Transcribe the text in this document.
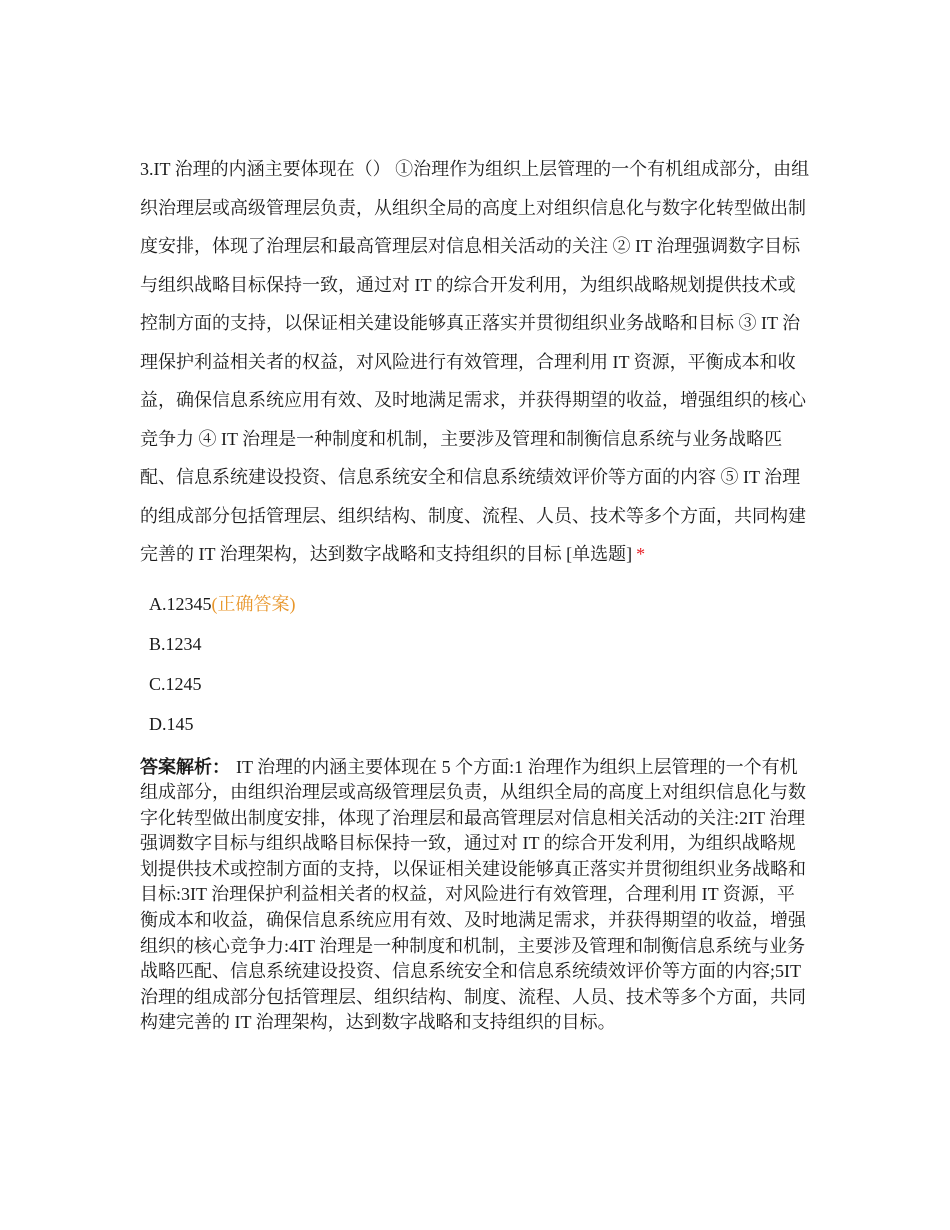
3.IT 治理的内涵主要体现在（） ①治理作为组织上层管理的一个有机组成部分，由组织治理层或高级管理层负责，从组织全局的高度上对组织信息化与数字化转型做出制度安排，体现了治理层和最高管理层对信息相关活动的关注 ② IT 治理强调数字目标与组织战略目标保持一致，通过对 IT 的综合开发利用，为组织战略规划提供技术或控制方面的支持，以保证相关建设能够真正落实并贯彻组织业务战略和目标 ③ IT 治理保护利益相关者的权益，对风险进行有效管理，合理利用 IT 资源，平衡成本和收益，确保信息系统应用有效、及时地满足需求，并获得期望的收益，增强组织的核心竞争力 ④ IT 治理是一种制度和机制，主要涉及管理和制衡信息系统与业务战略匹配、信息系统建设投资、信息系统安全和信息系统绩效评价等方面的内容 ⑤ IT 治理的组成部分包括管理层、组织结构、制度、流程、人员、技术等多个方面，共同构建完善的 IT 治理架构，达到数字战略和支持组织的目标 [单选题] *

A.12345(正确答案)
B.1234
C.1245
D.145
答案解析： IT 治理的内涵主要体现在 5 个方面:1 治理作为组织上层管理的一个有机组成部分，由组织治理层或高级管理层负责，从组织全局的高度上对组织信息化与数字化转型做出制度安排，体现了治理层和最高管理层对信息相关活动的关注:2IT 治理强调数字目标与组织战略目标保持一致，通过对 IT 的综合开发利用，为组织战略规划提供技术或控制方面的支持，以保证相关建设能够真正落实并贯彻组织业务战略和目标:3IT 治理保护利益相关者的权益，对风险进行有效管理，合理利用 IT 资源，平衡成本和收益，确保信息系统应用有效、及时地满足需求，并获得期望的收益，增强组织的核心竞争力:4IT 治理是一种制度和机制，主要涉及管理和制衡信息系统与业务战略匹配、信息系统建设投资、信息系统安全和信息系统绩效评价等方面的内容;5IT 治理的组成部分包括管理层、组织结构、制度、流程、人员、技术等多个方面，共同构建完善的 IT 治理架构，达到数字战略和支持组织的目标。
